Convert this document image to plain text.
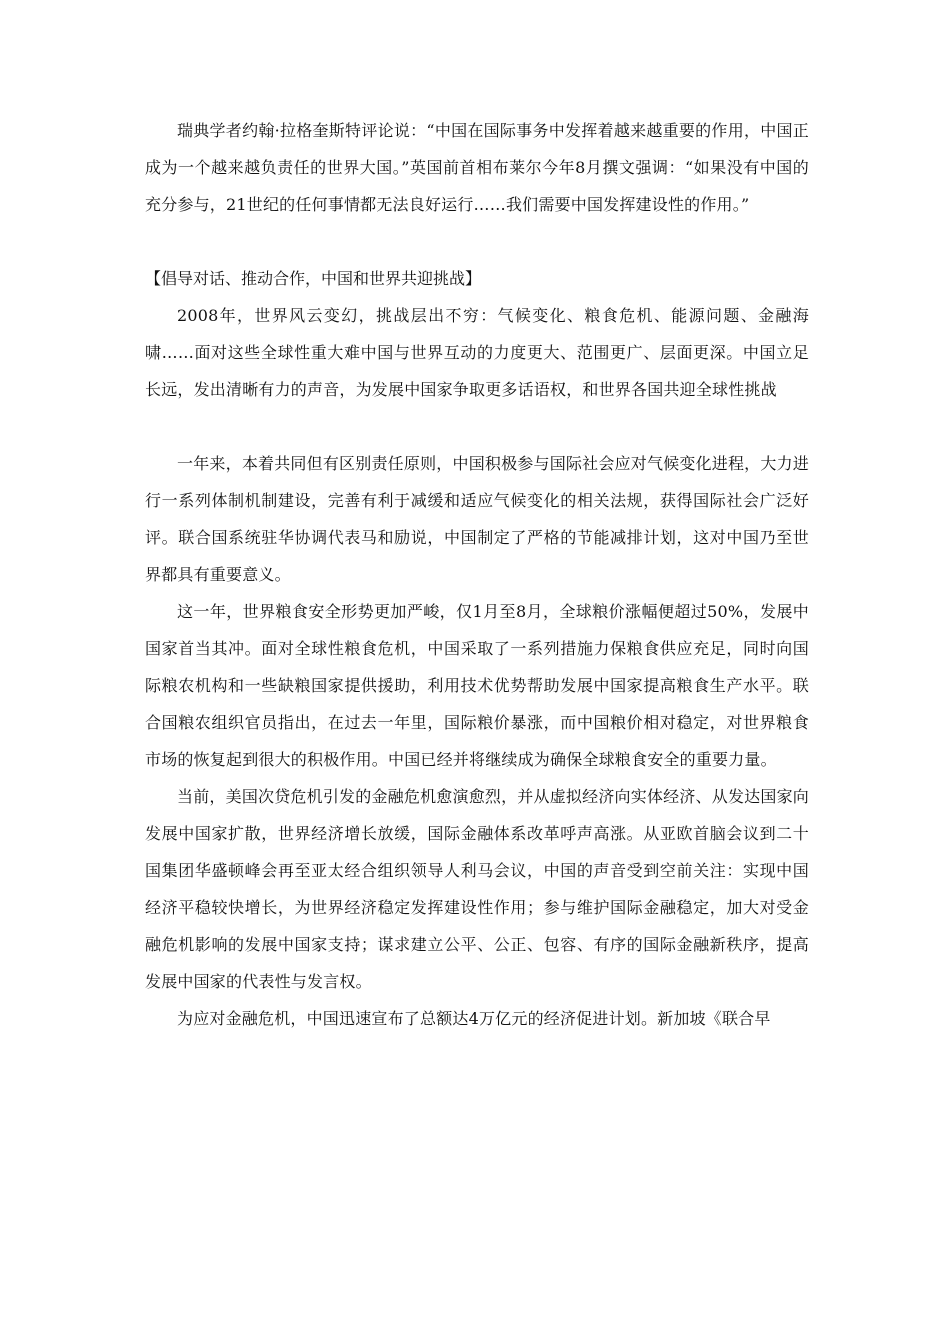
瑞典学者约翰·拉格奎斯特评论说：“中国在国际事务中发挥着越来越重要的作用，中国正成为一个越来越负责任的世界大国。”英国前首相布莱尔今年8月撰文强调：“如果没有中国的充分参与，21世纪的任何事情都无法良好运行……我们需要中国发挥建设性的作用。”

【倡导对话、推动合作，中国和世界共迎挑战】

2008年，世界风云变幻，挑战层出不穷：气候变化、粮食危机、能源问题、金融海啸……面对这些全球性重大难中国与世界互动的力度更大、范围更广、层面更深。中国立足长远，发出清晰有力的声音，为发展中国家争取更多话语权，和世界各国共迎全球性挑战

一年来，本着共同但有区别责任原则，中国积极参与国际社会应对气候变化进程，大力进行一系列体制机制建设，完善有利于减缓和适应气候变化的相关法规，获得国际社会广泛好评。联合国系统驻华协调代表马和励说，中国制定了严格的节能减排计划，这对中国乃至世界都具有重要意义。

这一年，世界粮食安全形势更加严峻，仅1月至8月，全球粮价涨幅便超过50%，发展中国家首当其冲。面对全球性粮食危机，中国采取了一系列措施力保粮食供应充足，同时向国际粮农机构和一些缺粮国家提供援助，利用技术优势帮助发展中国家提高粮食生产水平。联合国粮农组织官员指出，在过去一年里，国际粮价暴涨，而中国粮价相对稳定，对世界粮食市场的恢复起到很大的积极作用。中国已经并将继续成为确保全球粮食安全的重要力量。

当前，美国次贷危机引发的金融危机愈演愈烈，并从虚拟经济向实体经济、从发达国家向发展中国家扩散，世界经济增长放缓，国际金融体系改革呼声高涨。从亚欧首脑会议到二十国集团华盛顿峰会再至亚太经合组织领导人利马会议，中国的声音受到空前关注：实现中国经济平稳较快增长，为世界经济稳定发挥建设性作用；参与维护国际金融稳定，加大对受金融危机影响的发展中国家支持；谋求建立公平、公正、包容、有序的国际金融新秩序，提高发展中国家的代表性与发言权。

为应对金融危机，中国迅速宣布了总额达4万亿元的经济促进计划。新加坡《联合早
